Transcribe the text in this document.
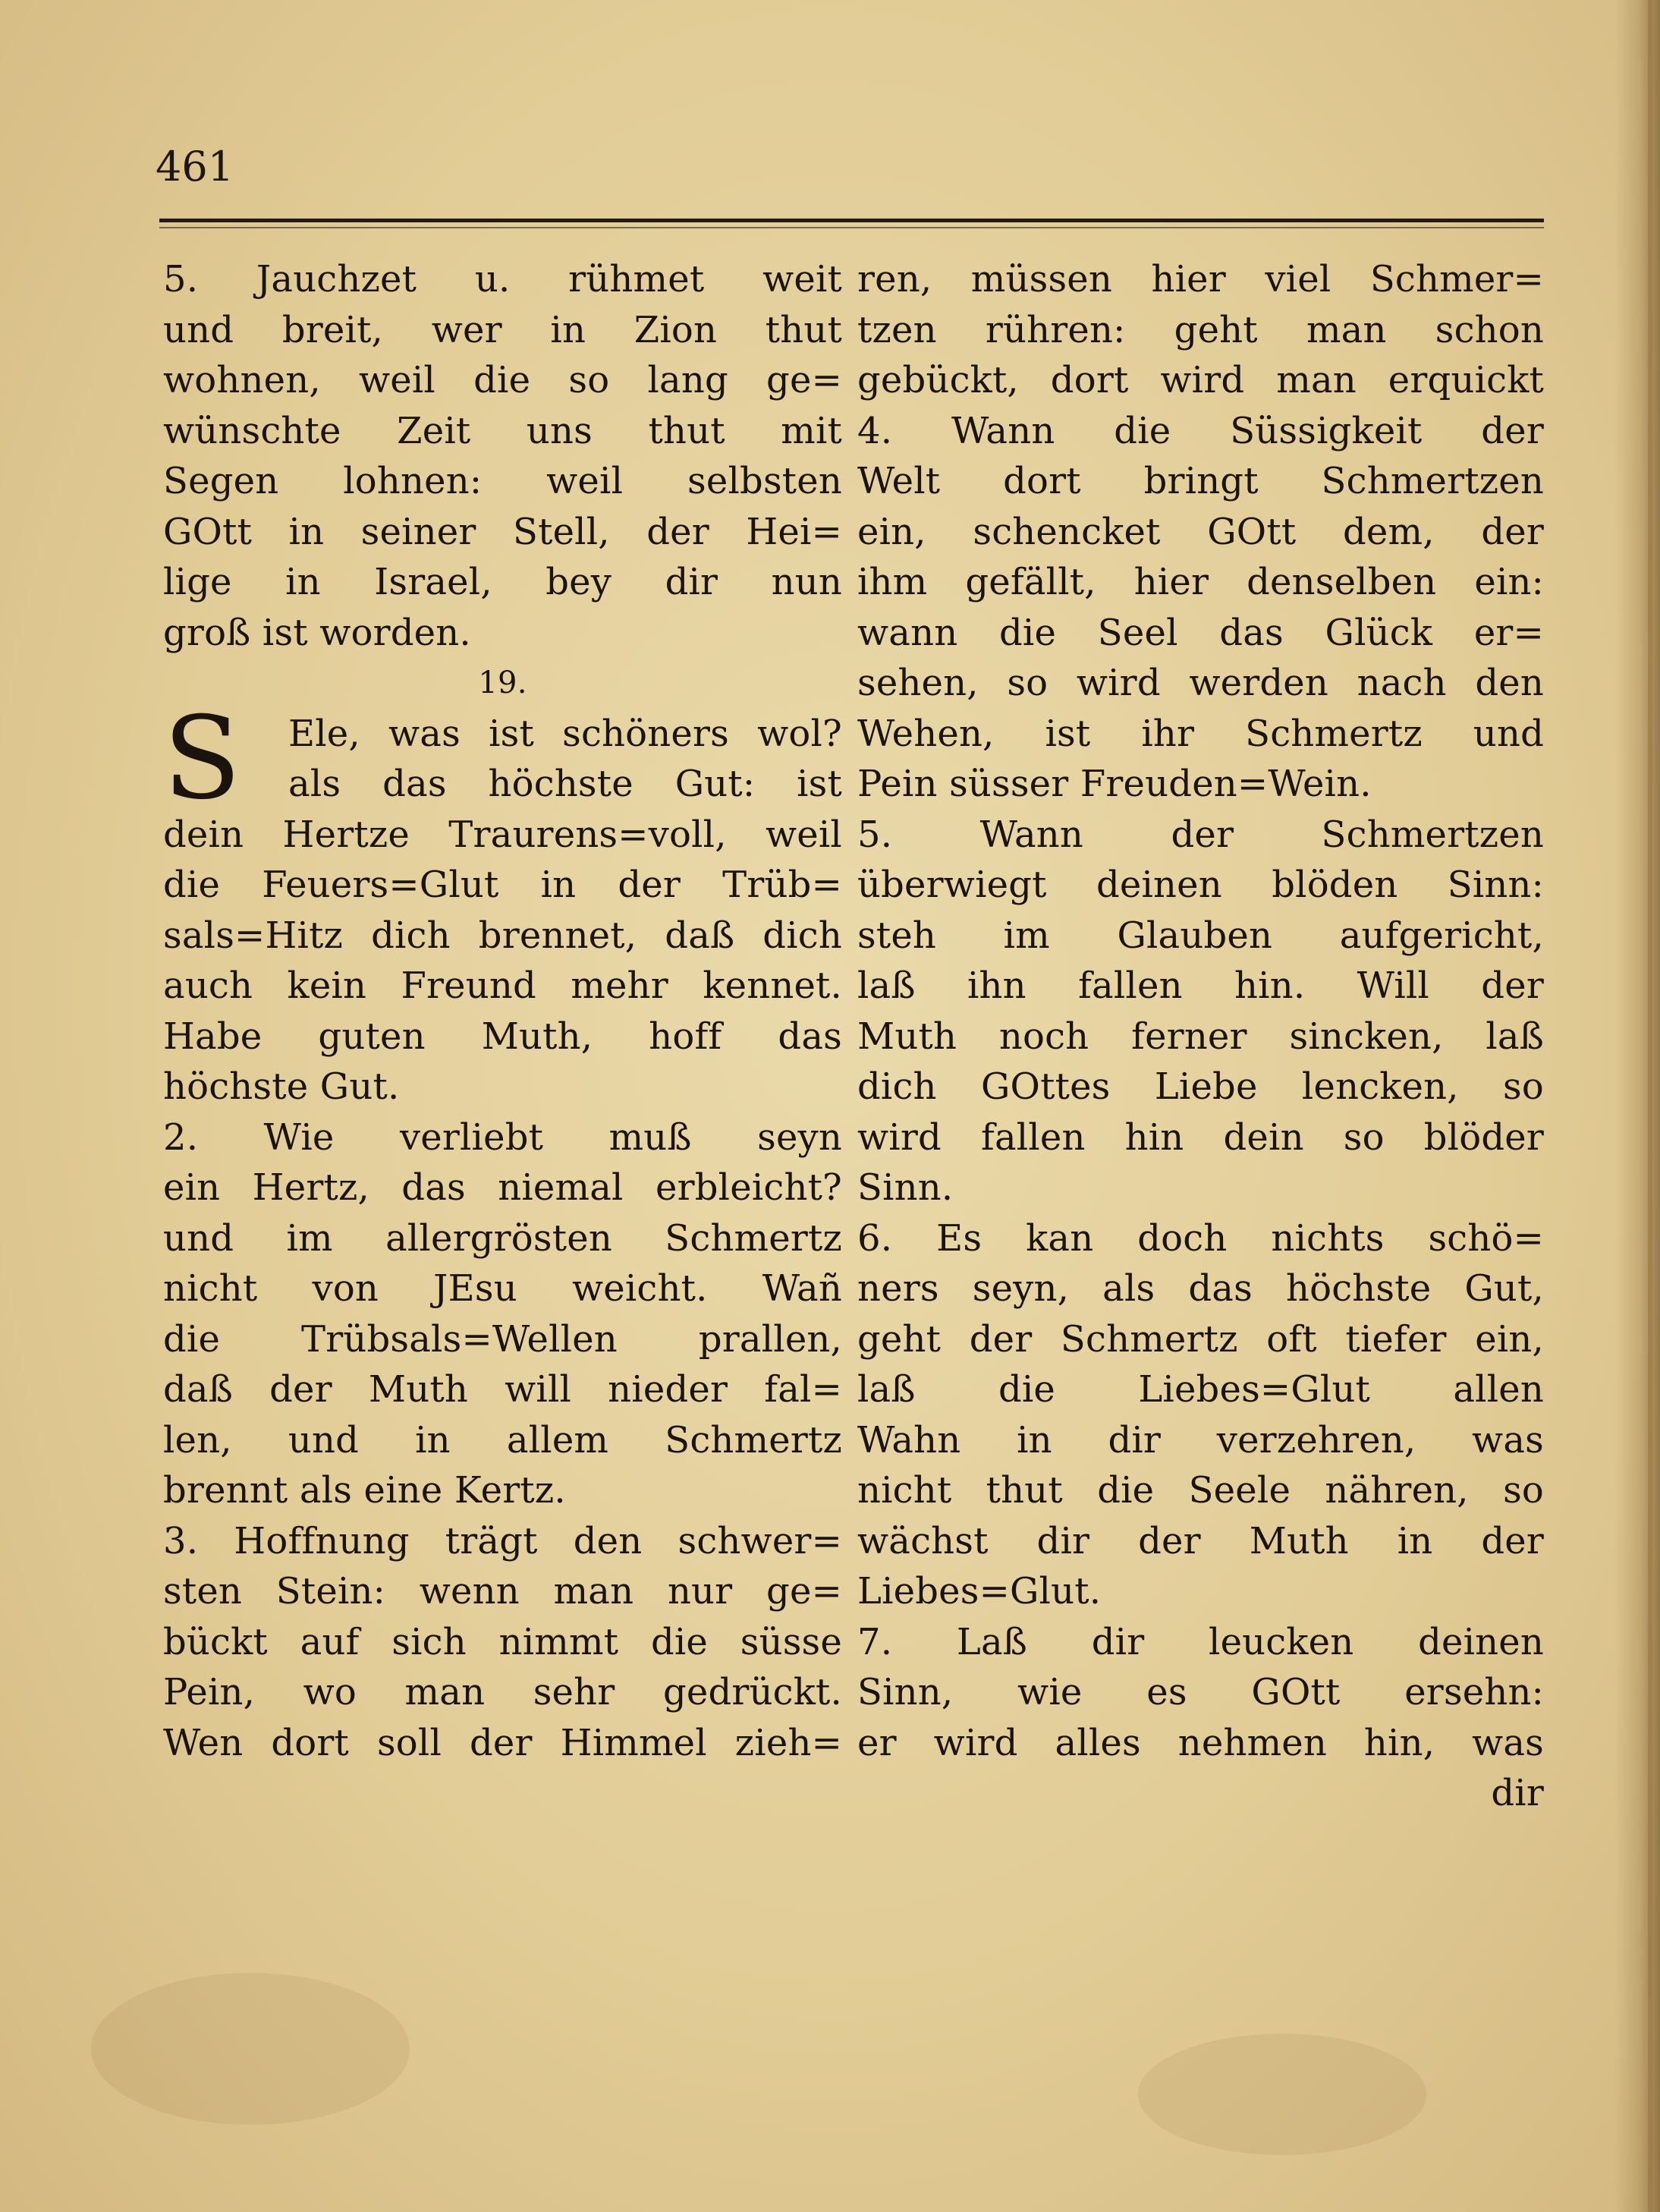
461
5. Jauchzet u. rühmet weit
und breit, wer in Zion thut
wohnen, weil die so lang ge=
wünschte Zeit uns thut mit
Segen lohnen: weil selbsten
GOtt in seiner Stell, der Hei=
lige in Israel, bey dir nun
groß ist worden.
19.
S	Ele, was ist schöners wol?
als das höchste Gut: ist
dein Hertze Traurens=voll, weil
die Feuers=Glut in der Trüb=
sals=Hitz dich brennet, daß dich
auch kein Freund mehr kennet.
Habe guten Muth, hoff das
höchste Gut.
2. Wie verliebt muß seyn
ein Hertz, das niemal erbleicht?
und im allergrösten Schmertz
nicht von JEsu weicht. Wañ
die Trübsals=Wellen prallen,
daß der Muth will nieder fal=
len, und in allem Schmertz
brennt als eine Kertz.
3. Hoffnung trägt den schwer=
sten Stein: wenn man nur ge=
bückt auf sich nimmt die süsse
Pein, wo man sehr gedrückt.
Wen dort soll der Himmel zieh=
ren, müssen hier viel Schmer=
tzen rühren: geht man schon
gebückt, dort wird man erquickt
4. Wann die Süssigkeit der
Welt dort bringt Schmertzen
ein, schencket GOtt dem, der
ihm gefällt, hier denselben ein:
wann die Seel das Glück er=
sehen, so wird werden nach den
Wehen, ist ihr Schmertz und
Pein süsser Freuden=Wein.
5. Wann der Schmertzen
überwiegt deinen blöden Sinn:
steh im Glauben aufgericht,
laß ihn fallen hin. Will der
Muth noch ferner sincken, laß
dich GOttes Liebe lencken, so
wird fallen hin dein so blöder
Sinn.
6. Es kan doch nichts schö=
ners seyn, als das höchste Gut,
geht der Schmertz oft tiefer ein,
laß die Liebes=Glut allen
Wahn in dir verzehren, was
nicht thut die Seele nähren, so
wächst dir der Muth in der
Liebes=Glut.
7. Laß dir leucken deinen
Sinn, wie es GOtt ersehn:
er wird alles nehmen hin, was
dir
